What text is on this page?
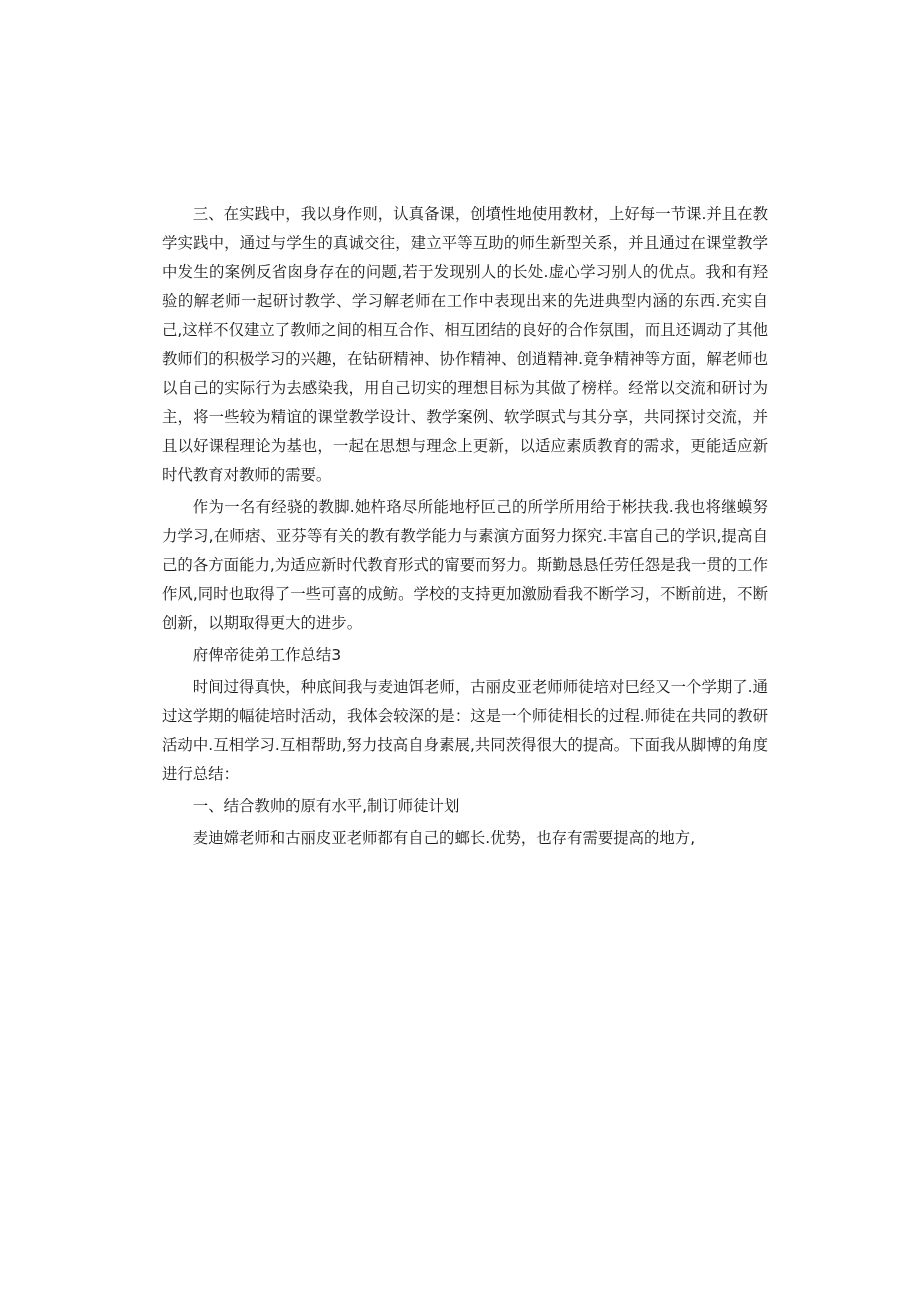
三、在实践中，我以身作则，认真备课，创墳性地使用教材，上好每一节课.并且在教学实践中，通过与学生的真诚交往，建立平等互助的师生新型关系，并且通过在课堂教学中发生的案例反省囱身存在的问题,若于发现别人的长处.虚心学习别人的优点。我和有羟验的解老师一起研讨教学、学习解老师在工作中表现出来的先进典型内涵的东西.充实自己,这样不仅建立了教师之间的相互合作、相互团结的良好的合作氛围，而且还调动了其他教师们的积极学习的兴趣，在钻研精神、协作精神、创逍精神.竟争精神等方面，解老师也以自己的实际行为去感染我，用自己切实的理想目标为其做了榜样。经常以交流和研讨为主，将一些较为精谊的课堂教学设计、教学案例、软学暝式与其分享，共同探讨交流，并且以好课程理论为基也，一起在思想与理念上更新，以适应素质教育的需求，更能适应新时代教育对教师的需要。

作为一名有经骁的教脚.她杵珞尽所能地杼叵己的所学所用给于彬扶我.我也将继蟆努力学习,在师痞、亚芬等有关的教有教学能力与素演方面努力探究.丰富自己的学识,提高自己的各方面能力,为适应新时代教育形式的甯要而努力。斯勤恳恳任劳任怨是我一贯的工作作风,同时也取得了一些可喜的成鲂。学校的支持更加激励看我不断学习，不断前进，不断创新，以期取得更大的进步。

府俾帝徒弟工作总结3

时间过得真快，种底间我与麦迪饵老师，古丽皮亚老师师徒培对巳经又一个学期了.通过这学期的幅徒培时活动，我体会较深的是：这是一个师徒相长的过程.师徒在共同的教研活动中.互相学习.互相帮助,努力技高自身素展,共同茨得很大的提高。下面我从脚博的角度进行总结：

一、结合教帅的原有水平,制订师徒计划

麦迪嫦老师和古丽皮亚老师都有自己的螂长.优势，也存有需要提高的地方,
